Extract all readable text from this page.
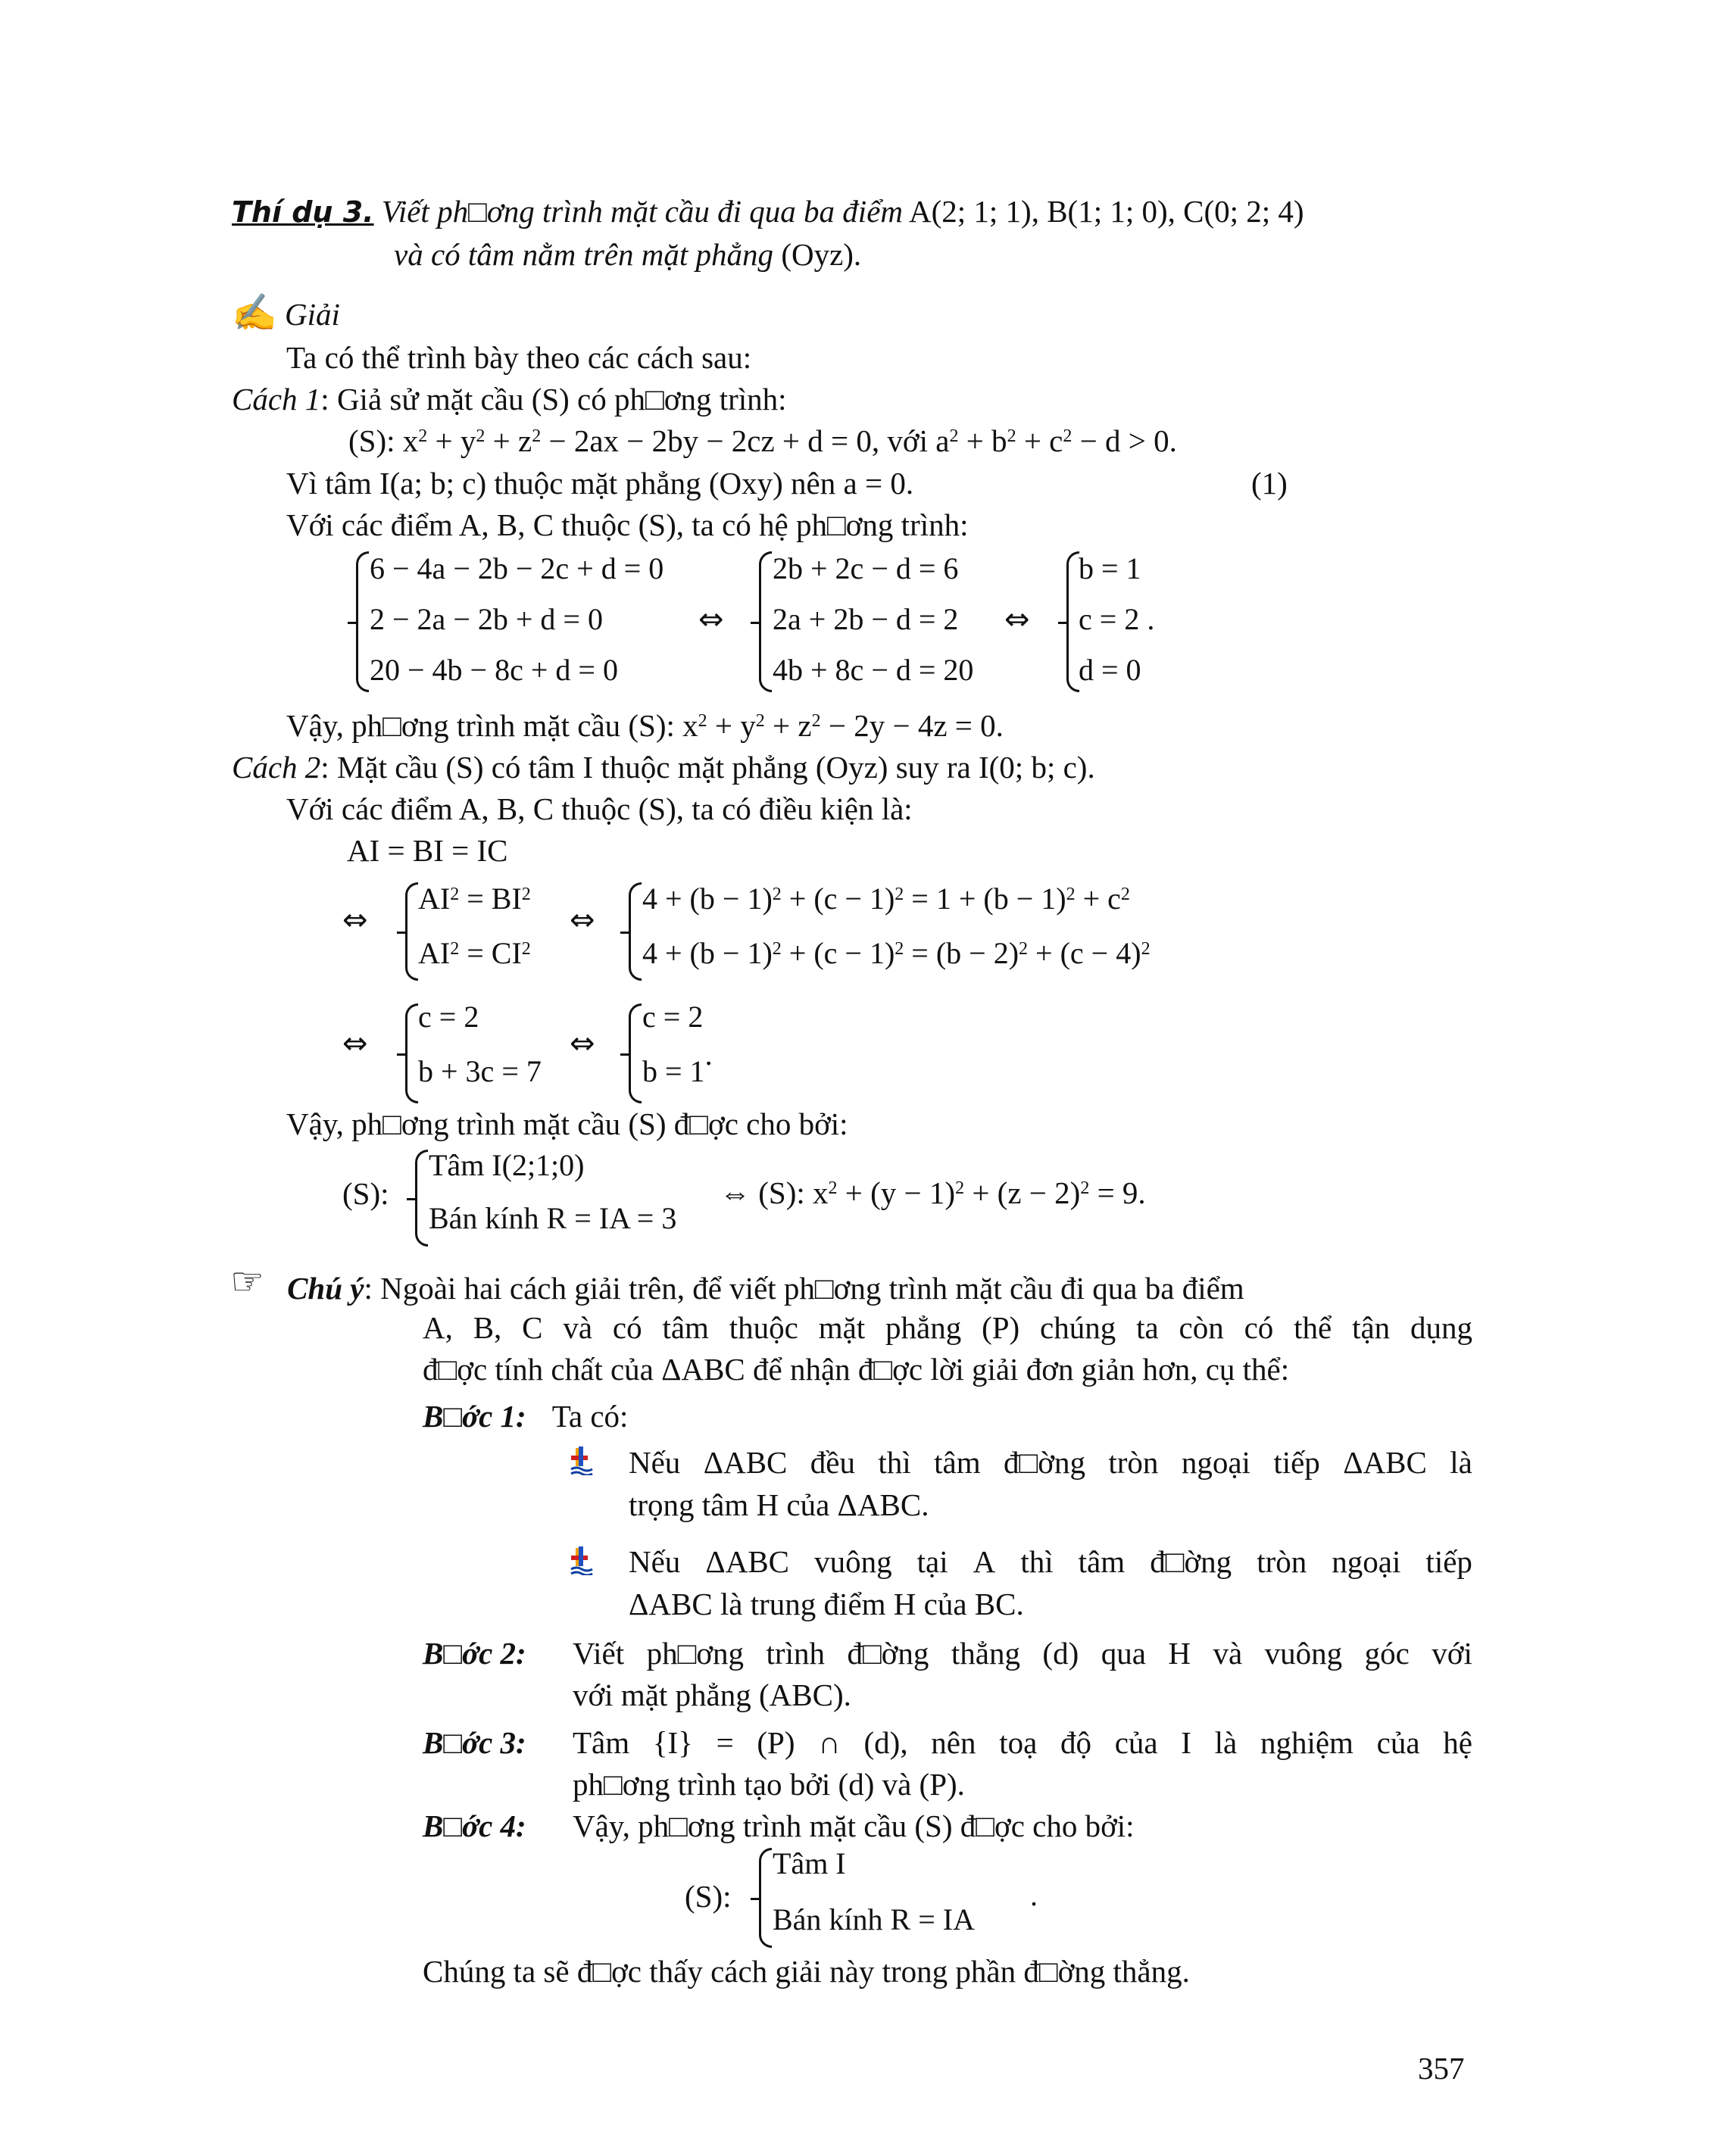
Thí dụ 3. Viết ph□ơng trình mặt cầu đi qua ba điểm A(2; 1; 1), B(1; 1; 0), C(0; 2; 4)
và có tâm nằm trên mặt phẳng (Oyz).
✍ Giải
Ta có thể trình bày theo các cách sau:
Cách 1: Giả sử mặt cầu (S) có ph□ơng trình:
(S): $x^2 + y^2 + z^2 - 2ax - 2by - 2cz + d = 0$, với $a^2 + b^2 + c^2 - d > 0$.
Vì tâm I(a; b; c) thuộc mặt phẳng (Oxy) nên a = 0.	(1)
Với các điểm A, B, C thuộc (S), ta có hệ ph□ơng trình:
6 − 4a − 2b − 2c + d = 0
2 − 2a − 2b + d = 0
20 − 4b − 8c + d = 0
⇔
2b + 2c − d = 6
2a + 2b − d = 2
4b + 8c − d = 20
⇔
b = 1
c = 2 .
d = 0
Vậy, ph□ơng trình mặt cầu (S): $x^2 + y^2 + z^2 - 2y - 4z = 0$.
Cách 2: Mặt cầu (S) có tâm I thuộc mặt phẳng (Oyz) suy ra I(0; b; c).
Với các điểm A, B, C thuộc (S), ta có điều kiện là:
AI = BI = IC
⇔
$AI^2 = BI^2$
$AI^2 = CI^2$
⇔
$4 + (b - 1)^2 + (c - 1)^2 = 1 + (b - 1)^2 + c^2$
$4 + (b - 1)^2 + (c - 1)^2 = (b - 2)^2 + (c - 4)^2$
⇔
c = 2
b + 3c = 7
⇔
c = 2
b = 1.
Vậy, ph□ơng trình mặt cầu (S) đ□ợc cho bởi:
(S):
Tâm I(2;1;0)
Bán kính R = IA = 3
⇔ (S): $x^2 + (y - 1)^2 + (z - 2)^2 = 9$.
☞ Chú ý: Ngoài hai cách giải trên, để viết ph□ơng trình mặt cầu đi qua ba điểm
A, B, C và có tâm thuộc mặt phẳng (P) chúng ta còn có thể tận dụng
đ□ợc tính chất của ΔABC để nhận đ□ợc lời giải đơn giản hơn, cụ thể:
B□ớc 1: Ta có:
Nếu ΔABC đều thì tâm đ□ờng tròn ngoại tiếp ΔABC là
trọng tâm H của ΔABC.
Nếu ΔABC vuông tại A thì tâm đ□ờng tròn ngoại tiếp
ΔABC là trung điểm H của BC.
B□ớc 2: Viết ph□ơng trình đ□ờng thẳng (d) qua H và vuông góc với
với mặt phẳng (ABC).
B□ớc 3: Tâm {I} = (P) ∩ (d), nên toạ độ của I là nghiệm của hệ
ph□ơng trình tạo bởi (d) và (P).
B□ớc 4: Vậy, ph□ơng trình mặt cầu (S) đ□ợc cho bởi:
(S):
Tâm I
Bán kính R = IA
.
Chúng ta sẽ đ□ợc thấy cách giải này trong phần đ□ờng thẳng.
357
